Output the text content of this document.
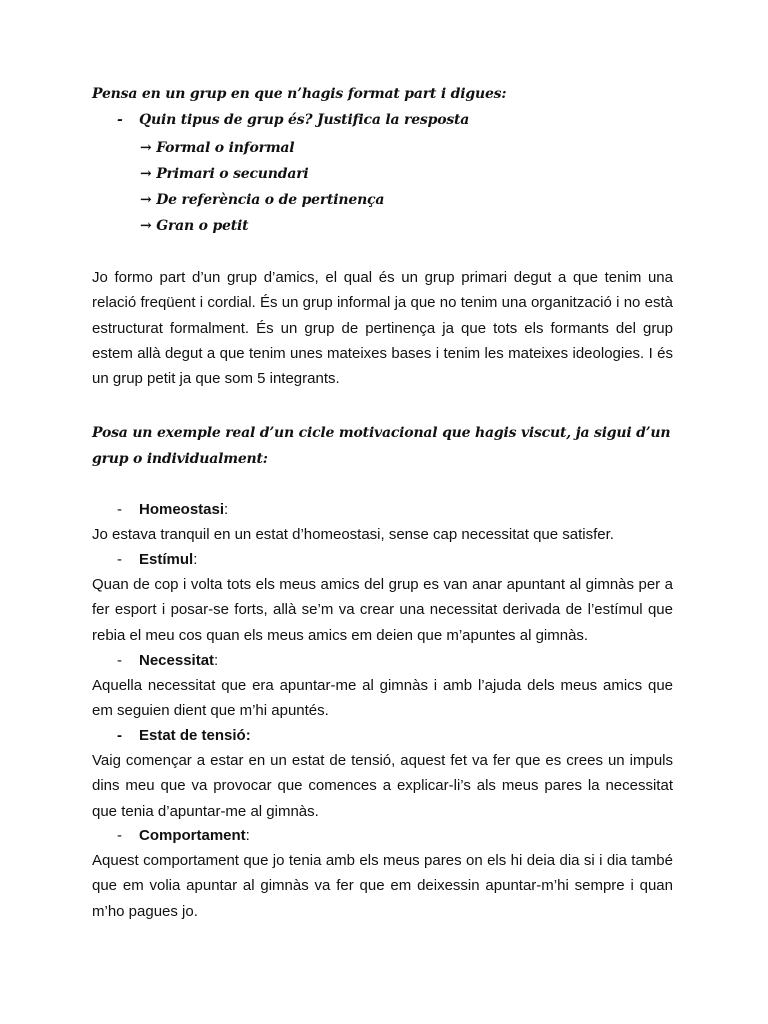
Pensa en un grup en que n’hagis format part i digues:
- Quin tipus de grup és? Justifica la resposta
→ Formal o informal
→ Primari o secundari
→ De referència o de pertinença
→ Gran o petit

Jo formo part d’un grup d’amics, el qual és un grup primari degut a que tenim una relació freqüent i cordial. És un grup informal ja que no tenim una organització i no està estructurat formalment. És un grup de pertinença ja que tots els formants del grup estem allà degut a que tenim unes mateixes bases i tenim les mateixes ideologies. I és un grup petit ja que som 5 integrants.

Posa un exemple real d’un cicle motivacional que hagis viscut, ja sigui d’un grup o individualment:

- Homeostasi:

Jo estava tranquil en un estat d’homeostasi, sense cap necessitat que satisfer.

- Estímul:

Quan de cop i volta tots els meus amics del grup es van anar apuntant al gimnàs per a fer esport i posar-se forts, allà se’m va crear una necessitat derivada de l’estímul que rebia el meu cos quan els meus amics em deien que m’apuntes al gimnàs.

- Necessitat:

Aquella necessitat que era apuntar-me al gimnàs i amb l’ajuda dels meus amics que em seguien dient que m’hi apuntés.

- Estat de tensió:

Vaig començar a estar en un estat de tensió, aquest fet va fer que es crees un impuls dins meu que va provocar que comences a explicar-li’s als meus pares la necessitat que tenia d’apuntar-me al gimnàs.

- Comportament:

Aquest comportament que jo tenia amb els meus pares on els hi deia dia si i dia també que em volia apuntar al gimnàs va fer que em deixessin apuntar-m’hi sempre i quan m’ho pagues jo.
